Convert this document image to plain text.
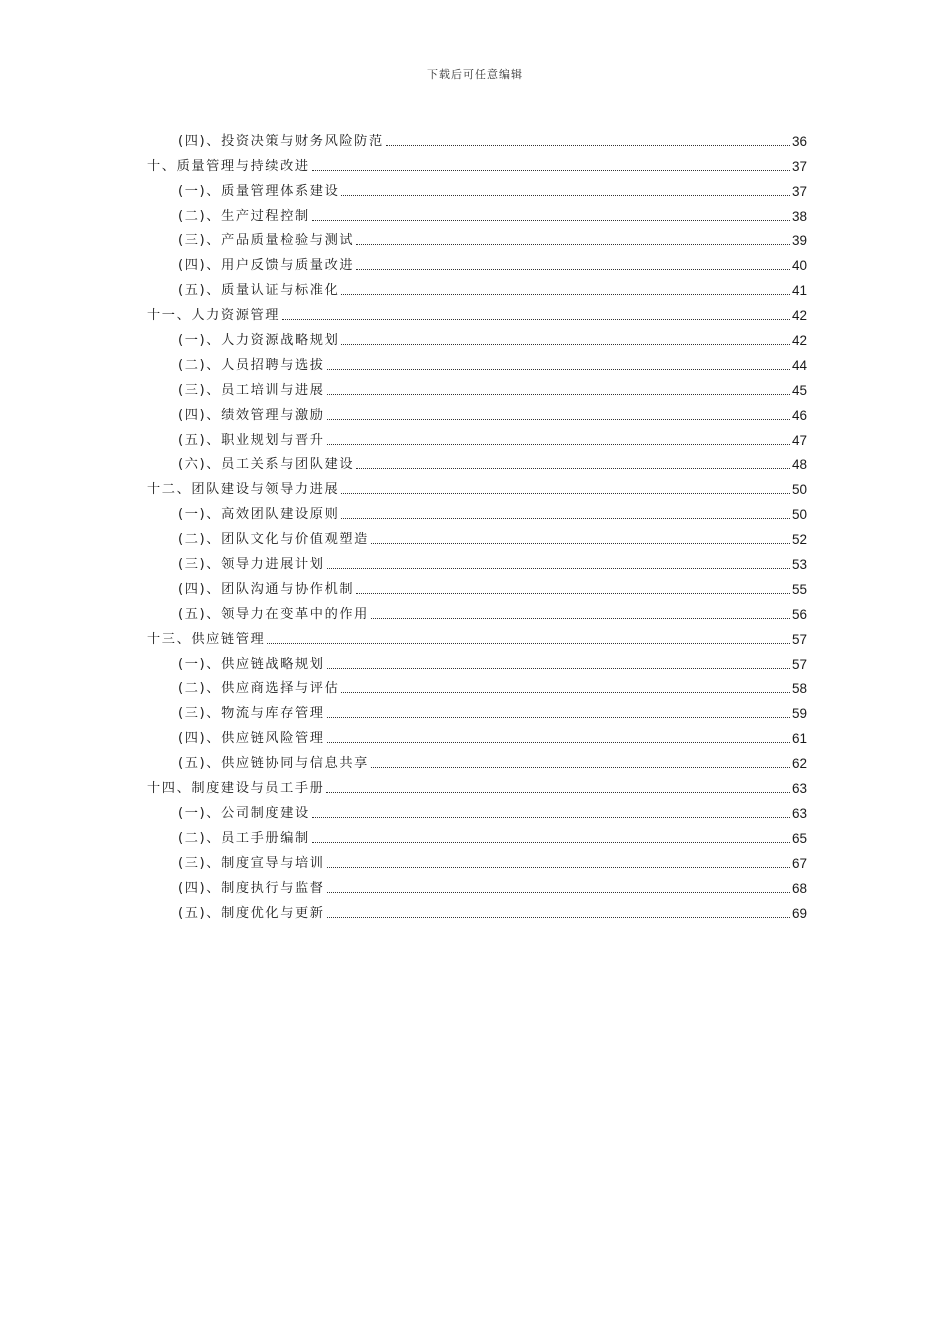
下载后可任意编辑
(四)、投资决策与财务风险防范	36
十、质量管理与持续改进	37
(一)、质量管理体系建设	37
(二)、生产过程控制	38
(三)、产品质量检验与测试	39
(四)、用户反馈与质量改进	40
(五)、质量认证与标准化	41
十一、人力资源管理	42
(一)、人力资源战略规划	42
(二)、人员招聘与选拔	44
(三)、员工培训与进展	45
(四)、绩效管理与激励	46
(五)、职业规划与晋升	47
(六)、员工关系与团队建设	48
十二、团队建设与领导力进展	50
(一)、高效团队建设原则	50
(二)、团队文化与价值观塑造	52
(三)、领导力进展计划	53
(四)、团队沟通与协作机制	55
(五)、领导力在变革中的作用	56
十三、供应链管理	57
(一)、供应链战略规划	57
(二)、供应商选择与评估	58
(三)、物流与库存管理	59
(四)、供应链风险管理	61
(五)、供应链协同与信息共享	62
十四、制度建设与员工手册	63
(一)、公司制度建设	63
(二)、员工手册编制	65
(三)、制度宣导与培训	67
(四)、制度执行与监督	68
(五)、制度优化与更新	69
